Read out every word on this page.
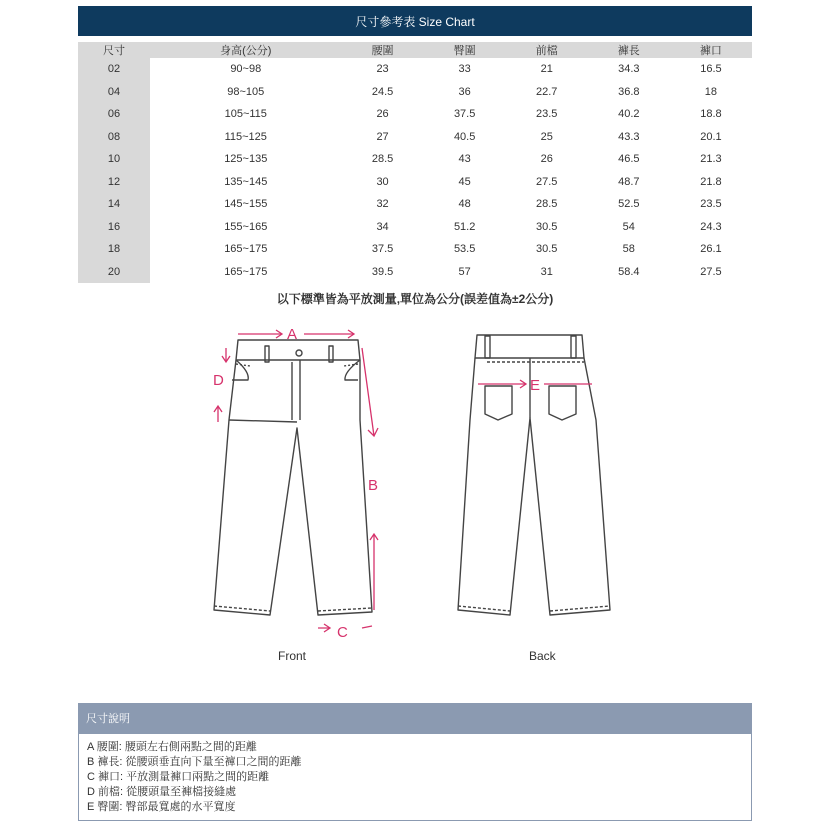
尺寸參考表 Size Chart
尺寸	身高(公分)	腰圍	臀圍	前檔	褲長	褲口
02	90~98	23	33	21	34.3	16.5
04	98~105	24.5	36	22.7	36.8	18
06	105~115	26	37.5	23.5	40.2	18.8
08	115~125	27	40.5	25	43.3	20.1
10	125~135	28.5	43	26	46.5	21.3
12	135~145	30	45	27.5	48.7	21.8
14	145~155	32	48	28.5	52.5	23.5
16	155~165	34	51.2	30.5	54	24.3
18	165~175	37.5	53.5	30.5	58	26.1
20	165~175	39.5	57	31	58.4	27.5
以下標準皆為平放測量,單位為公分(誤差值為±2公分)
A
D
B
C
E
Front	Back
尺寸說明
A 腰圍: 腰頭左右側兩點之間的距離
B 褲長: 從腰頭垂直向下量至褲口之間的距離
C 褲口: 平放測量褲口兩點之間的距離
D 前檔: 從腰頭量至褲檔接縫處
E 臀圍: 臀部最寬處的水平寬度
